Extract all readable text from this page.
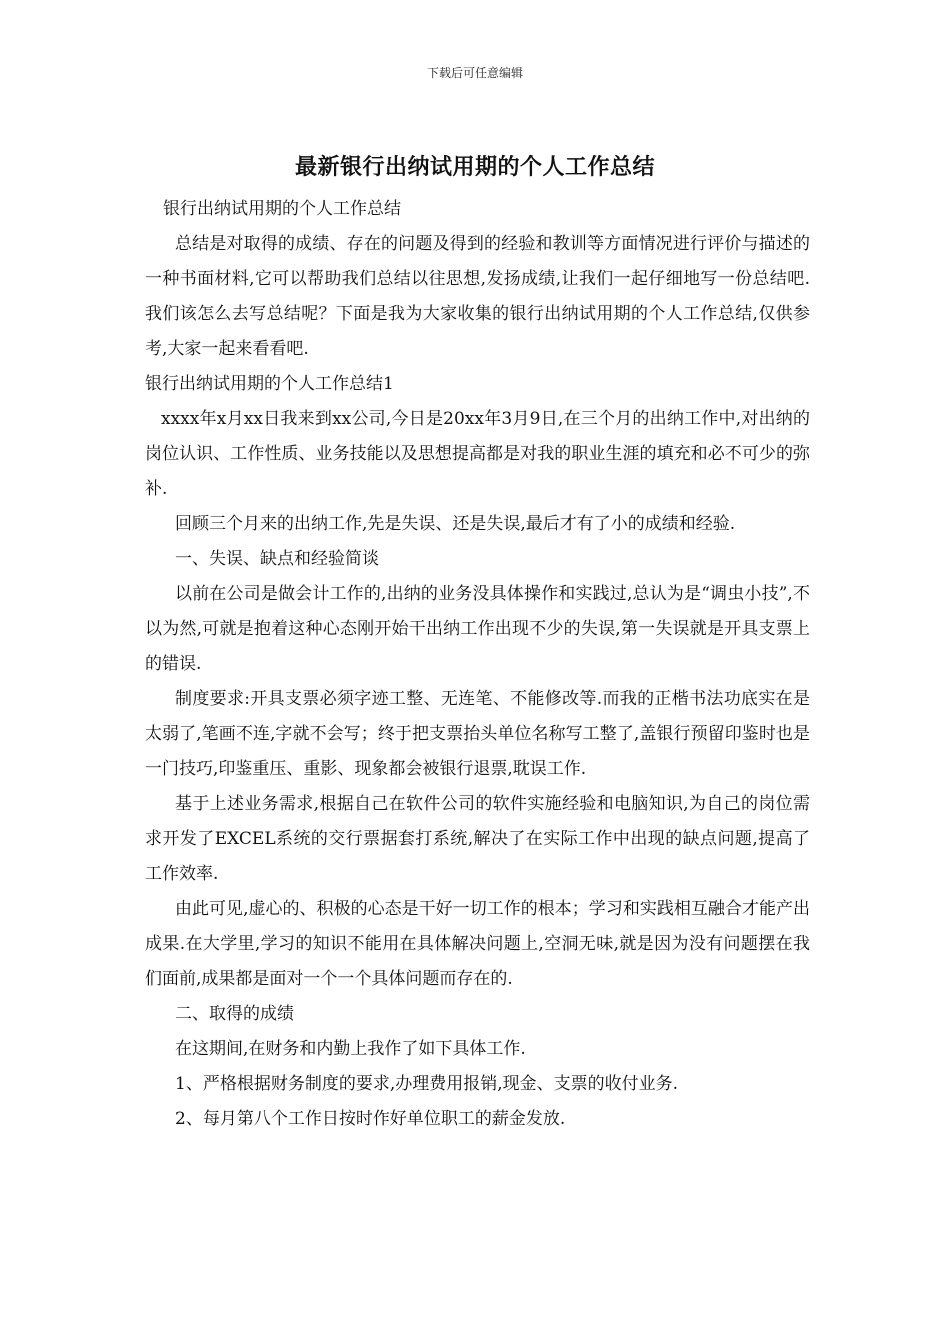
下载后可任意编辑
最新银行出纳试用期的个人工作总结

银行出纳试用期的个人工作总结

总结是对取得的成绩、存在的问题及得到的经验和教训等方面情况进行评价与描述的一种书面材料,它可以帮助我们总结以往思想,发扬成绩,让我们一起仔细地写一份总结吧.我们该怎么去写总结呢？下面是我为大家收集的银行出纳试用期的个人工作总结,仅供参考,大家一起来看看吧.

银行出纳试用期的个人工作总结1

xxxx年x月xx日我来到xx公司,今日是20xx年3月9日,在三个月的出纳工作中,对出纳的岗位认识、工作性质、业务技能以及思想提高都是对我的职业生涯的填充和必不可少的弥补.

回顾三个月来的出纳工作,先是失误、还是失误,最后才有了小的成绩和经验.

一、失误、缺点和经验简谈

以前在公司是做会计工作的,出纳的业务没具体操作和实践过,总认为是“调虫小技”,不以为然,可就是抱着这种心态刚开始干出纳工作出现不少的失误,第一失误就是开具支票上的错误.

制度要求:开具支票必须字迹工整、无连笔、不能修改等.而我的正楷书法功底实在是太弱了,笔画不连,字就不会写；终于把支票抬头单位名称写工整了,盖银行预留印鉴时也是一门技巧,印鉴重压、重影、现象都会被银行退票,耽误工作.

基于上述业务需求,根据自己在软件公司的软件实施经验和电脑知识,为自己的岗位需求开发了EXCEL系统的交行票据套打系统,解决了在实际工作中出现的缺点问题,提高了工作效率.

由此可见,虚心的、积极的心态是干好一切工作的根本；学习和实践相互融合才能产出成果.在大学里,学习的知识不能用在具体解决问题上,空洞无味,就是因为没有问题摆在我们面前,成果都是面对一个一个具体问题而存在的.

二、取得的成绩

在这期间,在财务和内勤上我作了如下具体工作.

1、严格根据财务制度的要求,办理费用报销,现金、支票的收付业务.

2、每月第八个工作日按时作好单位职工的薪金发放.
